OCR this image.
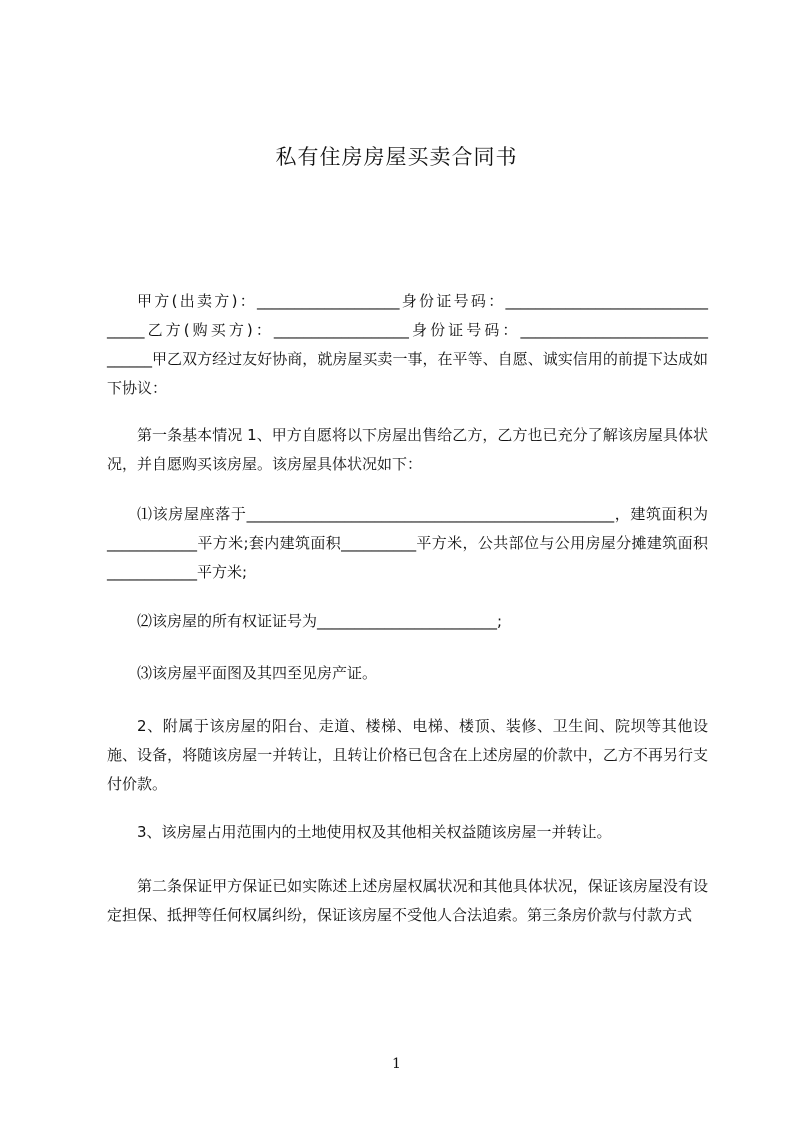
私有住房房屋买卖合同书
甲方(出卖方)：___________________身份证号码：___________________________ _____乙方(购买方)：__________________身份证号码：_________________________ ______甲乙双方经过友好协商，就房屋买卖一事，在平等、自愿、诚实信用的前提下达成如下协议：
第一条基本情况 1、甲方自愿将以下房屋出售给乙方，乙方也已充分了解该房屋具体状况，并自愿购买该房屋。该房屋具体状况如下：
⑴该房屋座落于_________________________________________________，建筑面积为____________平方米;套内建筑面积__________平方米，公共部位与公用房屋分摊建筑面积____________平方米;
⑵该房屋的所有权证证号为________________________;
⑶该房屋平面图及其四至见房产证。
2、附属于该房屋的阳台、走道、楼梯、电梯、楼顶、装修、卫生间、院坝等其他设施、设备，将随该房屋一并转让，且转让价格已包含在上述房屋的价款中，乙方不再另行支付价款。
3、该房屋占用范围内的土地使用权及其他相关权益随该房屋一并转让。
第二条保证甲方保证已如实陈述上述房屋权属状况和其他具体状况，保证该房屋没有设定担保、抵押等任何权属纠纷，保证该房屋不受他人合法追索。第三条房价款与付款方式
1
